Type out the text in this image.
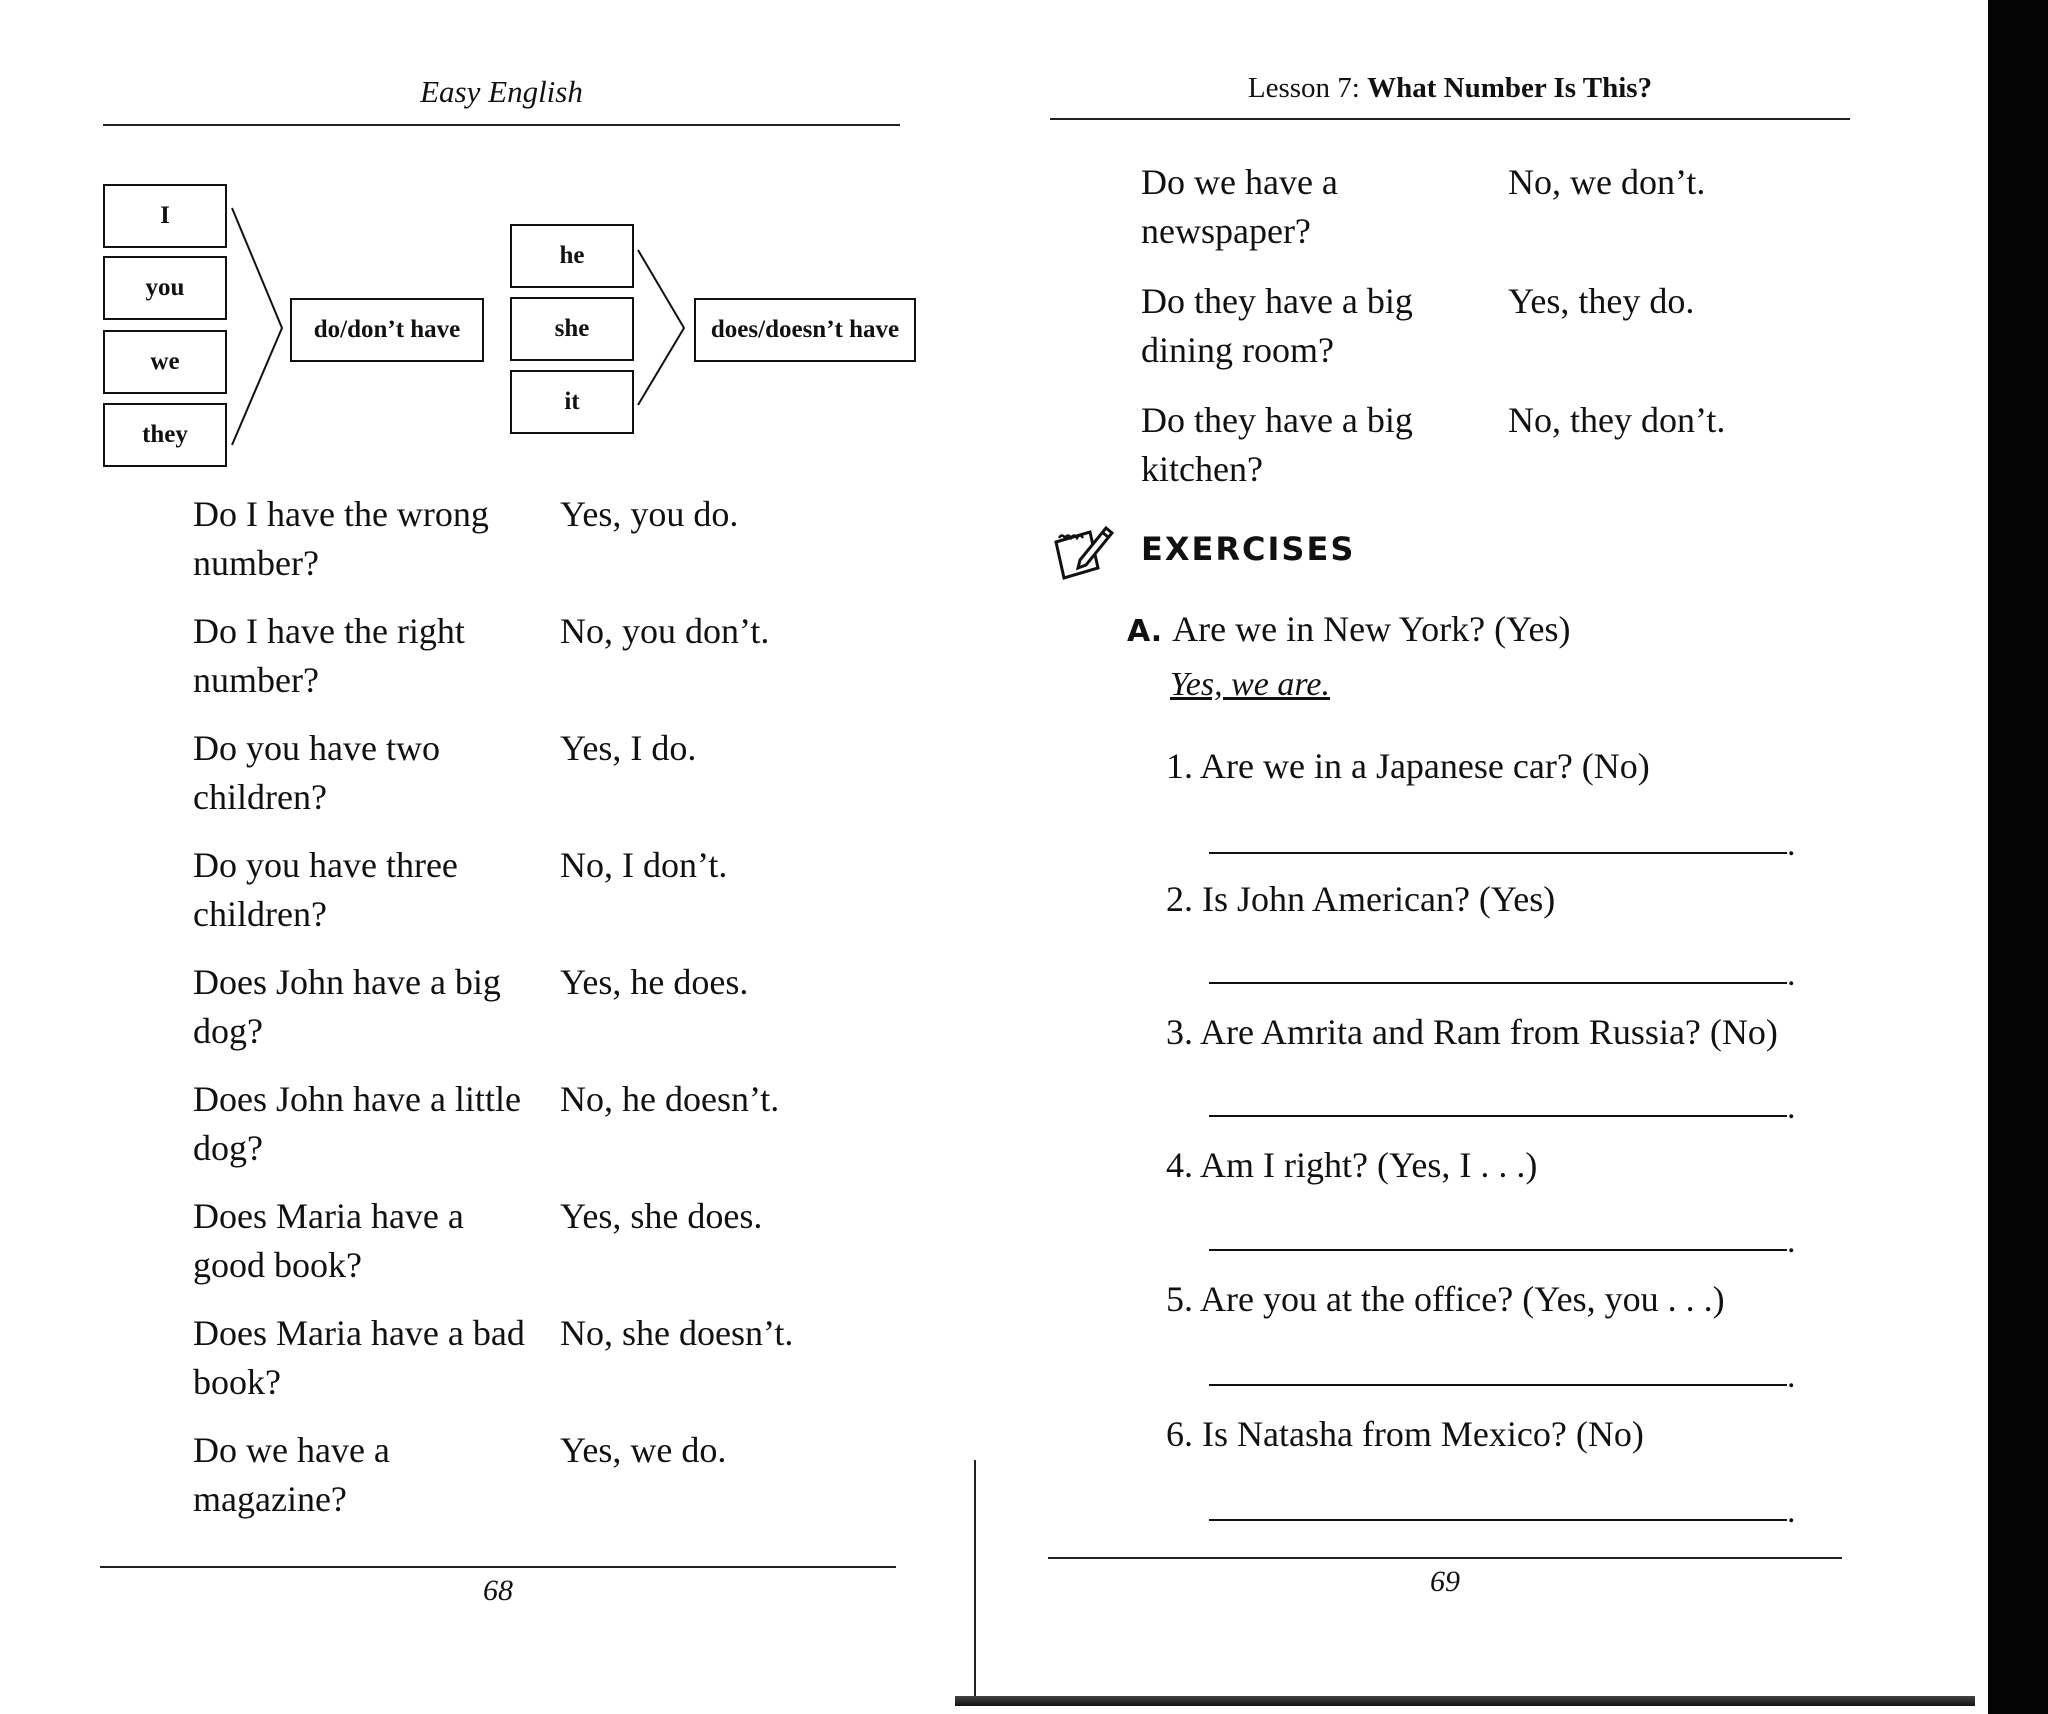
Easy English
I
you
we
they
do/don’t have
he
she
it
does/doesn’t have
Do I have the wrong number?
Yes, you do.
Do I have the right number?
No, you don’t.
Do you have two children?
Yes, I do.
Do you have three children?
No, I don’t.
Does John have a big dog?
Yes, he does.
Does John have a little dog?
No, he doesn’t.
Does Maria have a good book?
Yes, she does.
Does Maria have a bad book?
No, she doesn’t.
Do we have a magazine?
Yes, we do.
68
Lesson 7: What Number Is This?
Do we have a newspaper?
No, we don’t.
Do they have a big dining room?
Yes, they do.
Do they have a big kitchen?
No, they don’t.
EXERCISES
A. Are we in New York? (Yes)
Yes, we are.
1. Are we in a Japanese car? (No)
.
2. Is John American? (Yes)
.
3. Are Amrita and Ram from Russia? (No)
.
4. Am I right? (Yes, I . . .)
.
5. Are you at the office? (Yes, you . . .)
.
6. Is Natasha from Mexico? (No)
.
69
